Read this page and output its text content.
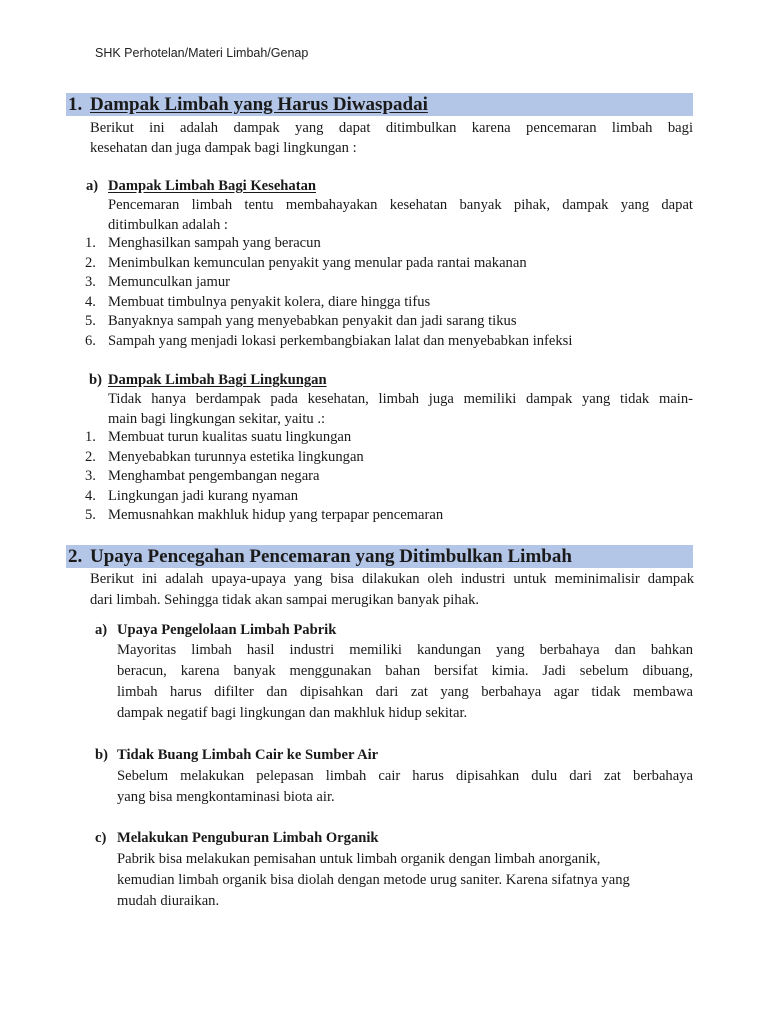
SHK Perhotelan/Materi Limbah/Genap
1. Dampak Limbah yang Harus Diwaspadai
Berikut ini adalah dampak yang dapat ditimbulkan karena pencemaran limbah bagi
kesehatan dan juga dampak bagi lingkungan :
a) Dampak Limbah Bagi Kesehatan
Pencemaran limbah tentu membahayakan kesehatan banyak pihak, dampak yang dapat
ditimbulkan adalah :
1. Menghasilkan sampah yang beracun
2. Menimbulkan kemunculan penyakit yang menular pada rantai makanan
3. Memunculkan jamur
4. Membuat timbulnya penyakit kolera, diare hingga tifus
5. Banyaknya sampah yang menyebabkan penyakit dan jadi sarang tikus
6. Sampah yang menjadi lokasi perkembangbiakan lalat dan menyebabkan infeksi
b) Dampak Limbah Bagi Lingkungan
Tidak hanya berdampak pada kesehatan, limbah juga memiliki dampak yang tidak main-
main bagi lingkungan sekitar, yaitu .:
1. Membuat turun kualitas suatu lingkungan
2. Menyebabkan turunnya estetika lingkungan
3. Menghambat pengembangan negara
4. Lingkungan jadi kurang nyaman
5. Memusnahkan makhluk hidup yang terpapar pencemaran
2. Upaya Pencegahan Pencemaran yang Ditimbulkan Limbah
Berikut ini adalah upaya-upaya yang bisa dilakukan oleh industri untuk meminimalisir dampak
dari limbah. Sehingga tidak akan sampai merugikan banyak pihak.
a) Upaya Pengelolaan Limbah Pabrik
Mayoritas limbah hasil industri memiliki kandungan yang berbahaya dan bahkan
beracun, karena banyak menggunakan bahan bersifat kimia. Jadi sebelum dibuang,
limbah harus difilter dan dipisahkan dari zat yang berbahaya agar tidak membawa
dampak negatif bagi lingkungan dan makhluk hidup sekitar.
b) Tidak Buang Limbah Cair ke Sumber Air
Sebelum melakukan pelepasan limbah cair harus dipisahkan dulu dari zat berbahaya
yang bisa mengkontaminasi biota air.
c) Melakukan Penguburan Limbah Organik
Pabrik bisa melakukan pemisahan untuk limbah organik dengan limbah anorganik,
kemudian limbah organik bisa diolah dengan metode urug saniter. Karena sifatnya yang
mudah diuraikan.
